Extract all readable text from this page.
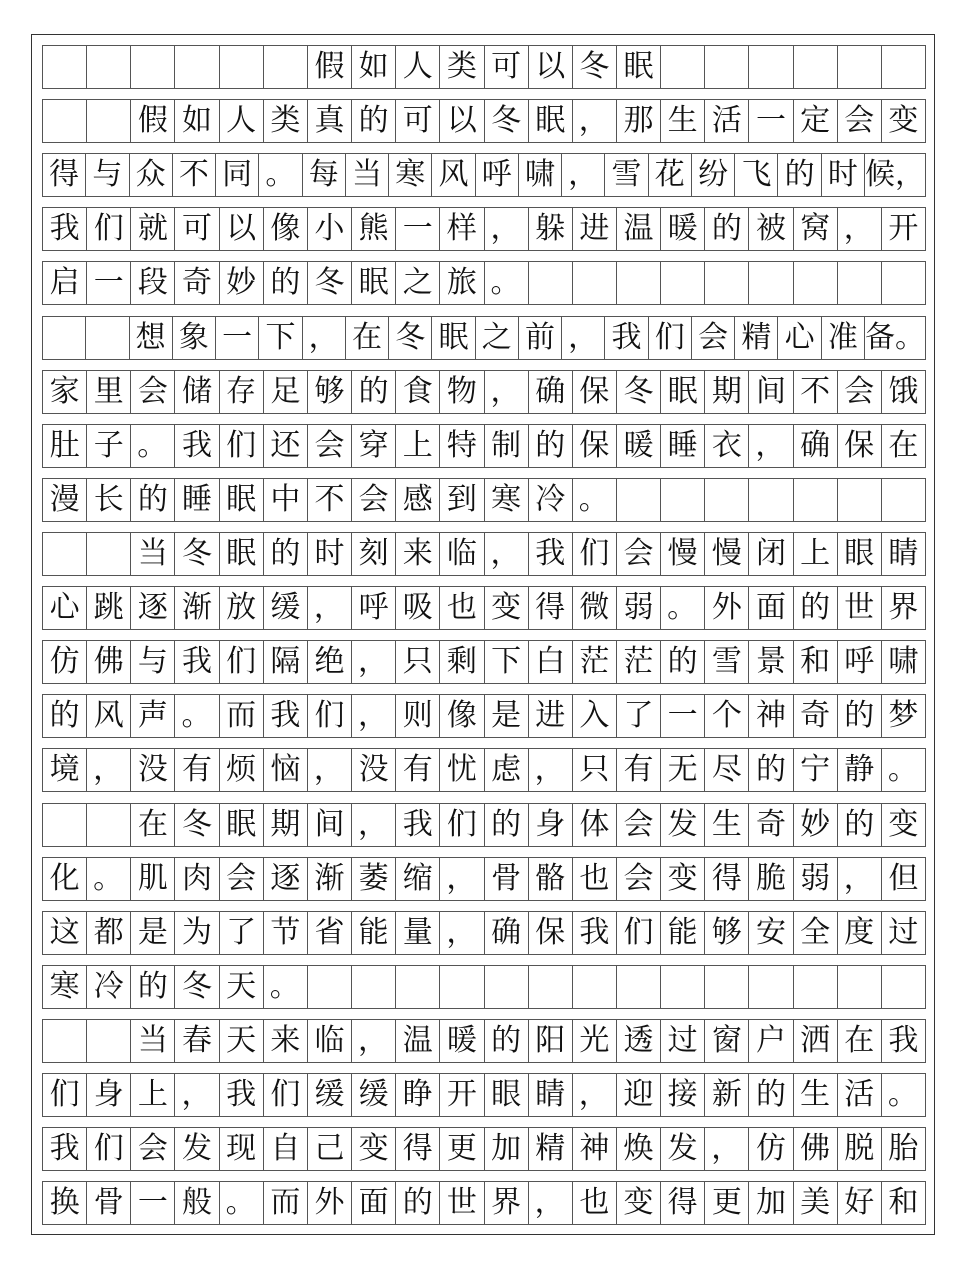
假 如 人 类 可 以 冬 眠
假 如 人 类 真 的 可 以 冬 眠 ， 那 生 活 一 定 会 变
得 与 众 不 同 。 每 当 寒 风 呼 啸 ， 雪 花 纷 飞 的 时 候，
我 们 就 可 以 像 小 熊 一 样 ， 躲 进 温 暖 的 被 窝 ， 开
启 一 段 奇 妙 的 冬 眠 之 旅 。
想 象 一 下 ， 在 冬 眠 之 前 ， 我 们 会 精 心 准 备。
家 里 会 储 存 足 够 的 食 物 ， 确 保 冬 眠 期 间 不 会 饿
肚 子 。 我 们 还 会 穿 上 特 制 的 保 暖 睡 衣 ， 确 保 在
漫 长 的 睡 眠 中 不 会 感 到 寒 冷 。
当 冬 眠 的 时 刻 来 临 ， 我 们 会 慢 慢 闭 上 眼 睛
心 跳 逐 渐 放 缓 ， 呼 吸 也 变 得 微 弱 。 外 面 的 世 界
仿 佛 与 我 们 隔 绝 ， 只 剩 下 白 茫 茫 的 雪 景 和 呼 啸
的 风 声 。 而 我 们 ， 则 像 是 进 入 了 一 个 神 奇 的 梦
境 ， 没 有 烦 恼 ， 没 有 忧 虑 ， 只 有 无 尽 的 宁 静 。
在 冬 眠 期 间 ， 我 们 的 身 体 会 发 生 奇 妙 的 变
化 。 肌 肉 会 逐 渐 萎 缩 ， 骨 骼 也 会 变 得 脆 弱 ， 但
这 都 是 为 了 节 省 能 量 ， 确 保 我 们 能 够 安 全 度 过
寒 冷 的 冬 天 。
当 春 天 来 临 ， 温 暖 的 阳 光 透 过 窗 户 洒 在 我
们 身 上 ， 我 们 缓 缓 睁 开 眼 睛 ， 迎 接 新 的 生 活 。
我 们 会 发 现 自 己 变 得 更 加 精 神 焕 发 ， 仿 佛 脱 胎
换 骨 一 般 。 而 外 面 的 世 界 ， 也 变 得 更 加 美 好 和
